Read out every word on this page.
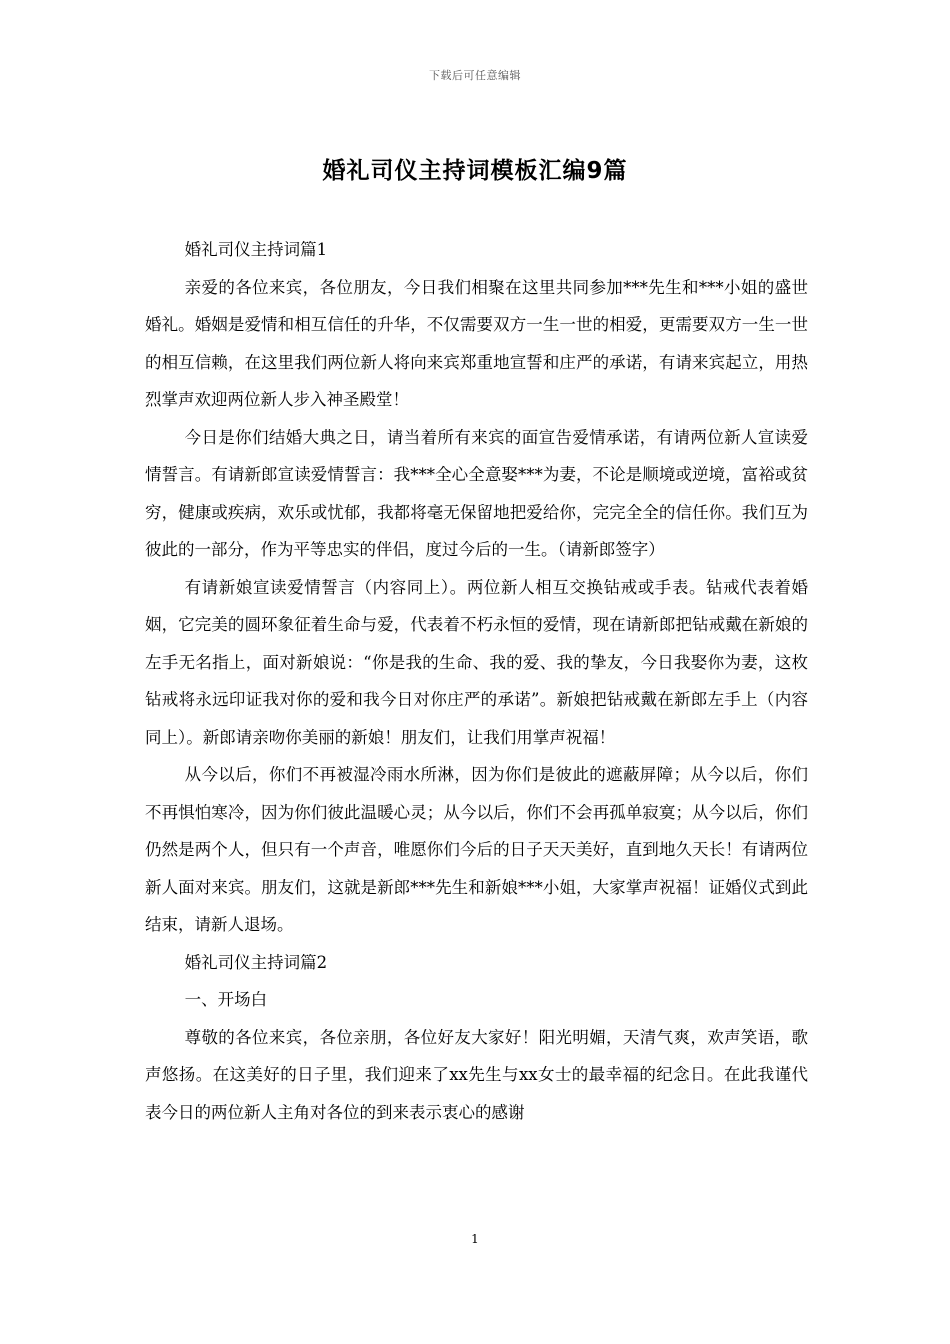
下载后可任意编辑
婚礼司仪主持词模板汇编9篇

婚礼司仪主持词篇1

亲爱的各位来宾，各位朋友，今日我们相聚在这里共同参加***先生和***小姐的盛世婚礼。婚姻是爱情和相互信任的升华，不仅需要双方一生一世的相爱，更需要双方一生一世的相互信赖，在这里我们两位新人将向来宾郑重地宣誓和庄严的承诺，有请来宾起立，用热烈掌声欢迎两位新人步入神圣殿堂！

今日是你们结婚大典之日，请当着所有来宾的面宣告爱情承诺，有请两位新人宣读爱情誓言。有请新郎宣读爱情誓言：我***全心全意娶***为妻，不论是顺境或逆境，富裕或贫穷，健康或疾病，欢乐或忧郁，我都将毫无保留地把爱给你，完完全全的信任你。我们互为彼此的一部分，作为平等忠实的伴侣，度过今后的一生。（请新郎签字）

有请新娘宣读爱情誓言（内容同上）。两位新人相互交换钻戒或手表。钻戒代表着婚姻，它完美的圆环象征着生命与爱，代表着不朽永恒的爱情，现在请新郎把钻戒戴在新娘的左手无名指上，面对新娘说：“你是我的生命、我的爱、我的挚友，今日我娶你为妻，这枚钻戒将永远印证我对你的爱和我今日对你庄严的承诺”。新娘把钻戒戴在新郎左手上（内容同上）。新郎请亲吻你美丽的新娘！朋友们，让我们用掌声祝福！

从今以后，你们不再被湿冷雨水所淋，因为你们是彼此的遮蔽屏障；从今以后，你们不再惧怕寒冷，因为你们彼此温暖心灵；从今以后，你们不会再孤单寂寞；从今以后，你们仍然是两个人，但只有一个声音，唯愿你们今后的日子天天美好，直到地久天长！有请两位新人面对来宾。朋友们，这就是新郎***先生和新娘***小姐，大家掌声祝福！证婚仪式到此结束，请新人退场。

婚礼司仪主持词篇2

一、开场白

尊敬的各位来宾，各位亲朋，各位好友大家好！阳光明媚，天清气爽，欢声笑语，歌声悠扬。在这美好的日子里，我们迎来了xx先生与xx女士的最幸福的纪念日。在此我谨代表今日的两位新人主角对各位的到来表示衷心的感谢

1
